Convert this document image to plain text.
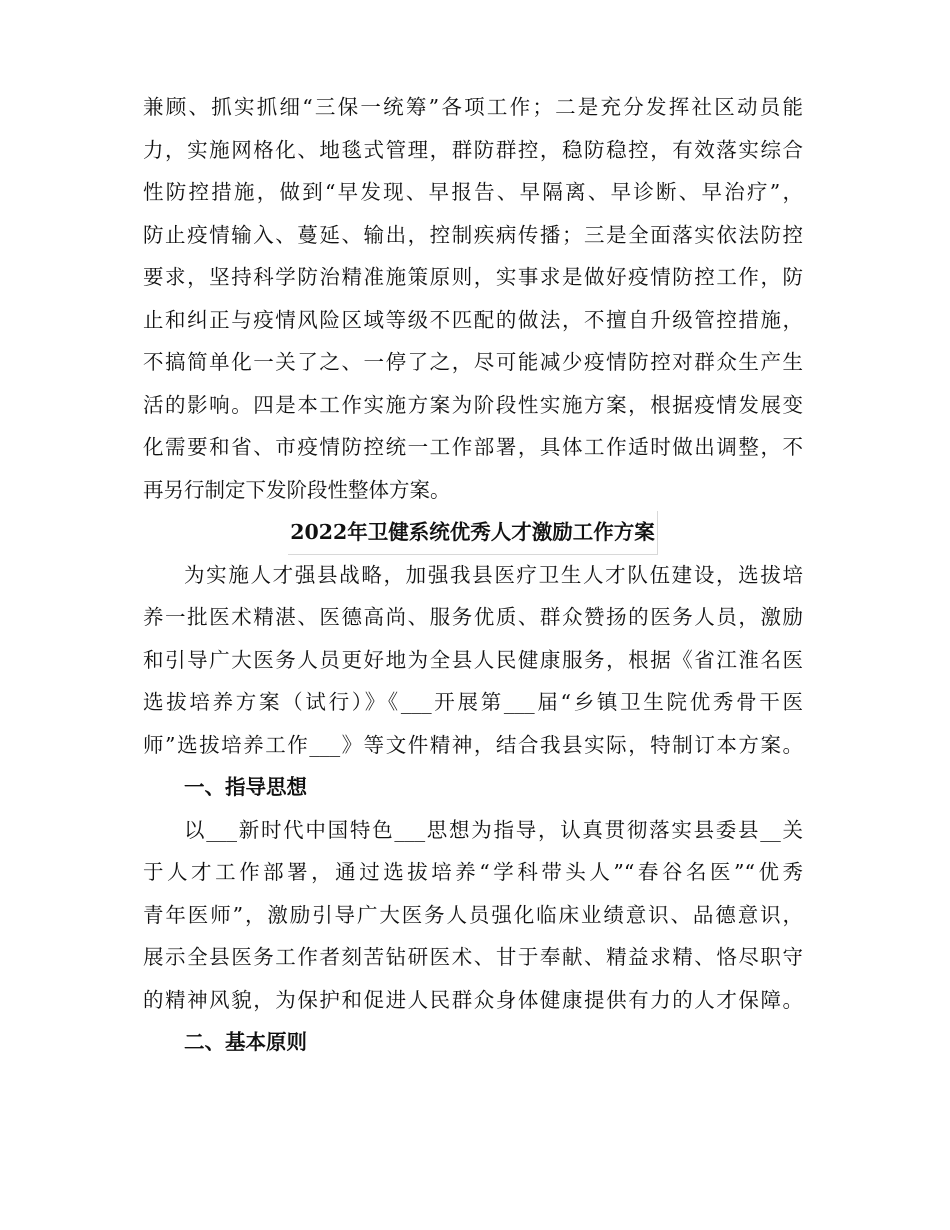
兼顾、抓实抓细“三保一统筹”各项工作；二是充分发挥社区动员能
力，实施网格化、地毯式管理，群防群控，稳防稳控，有效落实综合
性防控措施，做到“早发现、早报告、早隔离、早诊断、早治疗”，
防止疫情输入、蔓延、输出，控制疾病传播；三是全面落实依法防控
要求，坚持科学防治精准施策原则，实事求是做好疫情防控工作，防
止和纠正与疫情风险区域等级不匹配的做法，不擅自升级管控措施，
不搞简单化一关了之、一停了之，尽可能减少疫情防控对群众生产生
活的影响。四是本工作实施方案为阶段性实施方案，根据疫情发展变
化需要和省、市疫情防控统一工作部署，具体工作适时做出调整，不
再另行制定下发阶段性整体方案。
2022年卫健系统优秀人才激励工作方案
为实施人才强县战略，加强我县医疗卫生人才队伍建设，选拔培
养一批医术精湛、医德高尚、服务优质、群众赞扬的医务人员，激励
和引导广大医务人员更好地为全县人民健康服务，根据《省江淮名医
选拔培养方案（试行）》《___开展第___届“乡镇卫生院优秀骨干医
师”选拔培养工作___》等文件精神，结合我县实际，特制订本方案。
一、指导思想
以___新时代中国特色___思想为指导，认真贯彻落实县委县__关
于人才工作部署，通过选拔培养“学科带头人”“春谷名医”“优秀
青年医师”，激励引导广大医务人员强化临床业绩意识、品德意识，
展示全县医务工作者刻苦钻研医术、甘于奉献、精益求精、恪尽职守
的精神风貌，为保护和促进人民群众身体健康提供有力的人才保障。
二、基本原则
